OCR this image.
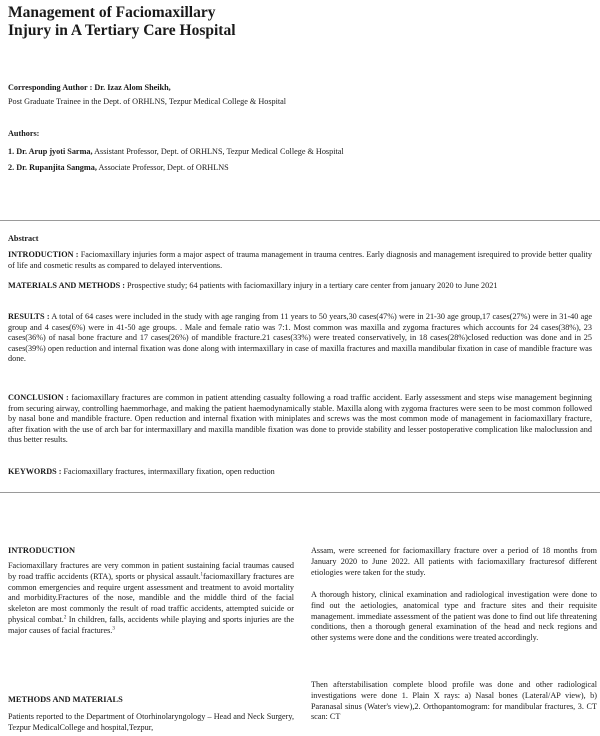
Management of Faciomaxillary
Injury in A Tertiary Care Hospital
Corresponding Author : Dr. Izaz Alom Sheikh,
Post Graduate Trainee in the Dept. of ORHLNS, Tezpur Medical College & Hospital
Authors:
1. Dr. Arup jyoti Sarma, Assistant Professor, Dept. of ORHLNS, Tezpur Medical College & Hospital
2. Dr. Rupanjita Sangma, Associate Professor, Dept. of ORHLNS
Abstract

INTRODUCTION : Faciomaxillary injuries form a major aspect of trauma management in trauma centres. Early diagnosis and management isrequired to provide better quality of life and cosmetic results as compared to delayed interventions.

MATERIALS AND METHODS : Prospective study; 64 patients with faciomaxillary injury in a tertiary care center from january 2020 to June 2021

RESULTS : A total of 64 cases were included in the study with age ranging from 11 years to 50 years,30 cases(47%) were in 21-30 age group,17 cases(27%) were in 31-40 age group and 4 cases(6%) were in 41-50 age groups. . Male and female ratio was 7:1. Most common was maxilla and zygoma fractures which accounts for 24 cases(38%), 23 cases(36%) of nasal bone fracture and 17 cases(26%) of mandible fracture.21 cases(33%) were treated conservatively, in 18 cases(28%)closed reduction was done and in 25 cases(39%) open reduction and internal fixation was done along with intermaxillary in case of maxilla fractures and maxilla mandibular fixation in case of mandible fracture was done.

CONCLUSION : faciomaxillary fractures are common in patient attending casualty following a road traffic accident. Early assessment and steps wise management beginning from securing airway, controlling haemmorhage, and making the patient haemodynamically stable. Maxilla along with zygoma fractures were seen to be most common followed by nasal bone and mandible fracture. Open reduction and internal fixation with miniplates and screws was the most common mode of management in faciomaxillary fracture, after fixation with the use of arch bar for intermaxillary and maxilla mandible fixation was done to provide stability and lesser postoperative complication like maloclussion and thus better results.

KEYWORDS : Faciomaxillary fractures, intermaxillary fixation, open reduction

INTRODUCTION

Faciomaxillary fractures are very common in patient sustaining facial traumas caused by road traffic accidents (RTA), sports or physical assault.$^1$faciomaxillary fractures are common emergencies and require urgent assessment and treatment to avoid mortality and morbidity.Fractures of the nose, mandible and the middle third of the facial skeleton are most commonly the result of road traffic accidents, attempted suicide or physical combat.$^2$ In children, falls, accidents while playing and sports injuries are the major causes of facial fractures.$^3$

METHODS AND MATERIALS

Patients reported to the Department of Otorhinolaryngology – Head and Neck Surgery, Tezpur MedicalCollege and hospital,Tezpur,

Assam, were screened for faciomaxillary fracture over a period of 18 months from January 2020 to June 2022. All patients with faciomaxillary fracturesof different etiologies were taken for the study.

A thorough history, clinical examination and radiological investigation were done to find out the aetiologies, anatomical type and fracture sites and their requisite management. immediate assessment of the patient was done to find out life threatening conditions, then a thorough general examination of the head and neck regions and other systems were done and the conditions were treated accordingly.

Then afterstabilisation complete blood profile was done and other radiological investigations were done 1. Plain X rays: a) Nasal bones (Lateral/AP view), b) Paranasal sinus (Water's view),2. Orthopantomogram: for mandibular fractures, 3. CT scan: CT
